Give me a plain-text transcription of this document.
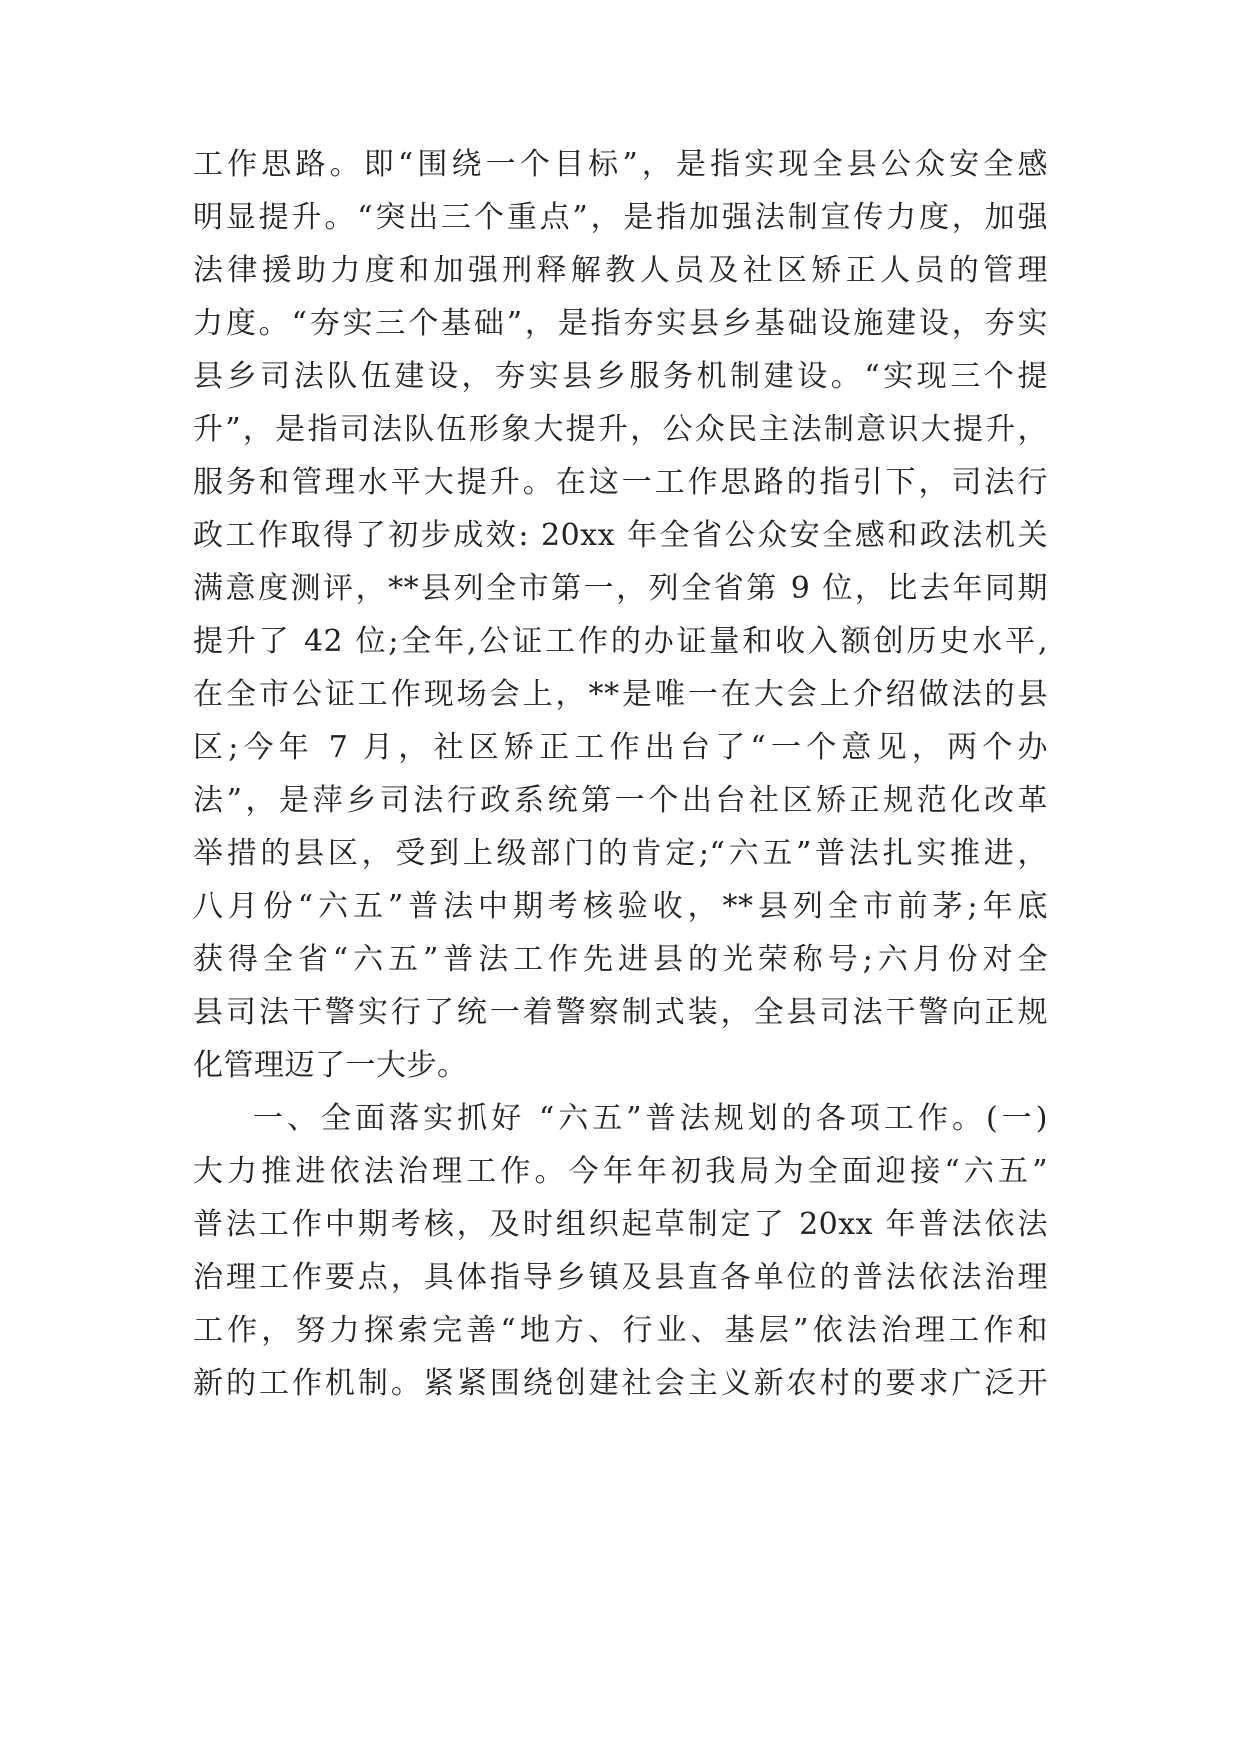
工作思路。即“围绕一个目标”，是指实现全县公众安全感
明显提升。“突出三个重点”，是指加强法制宣传力度，加强
法律援助力度和加强刑释解教人员及社区矫正人员的管理
力度。“夯实三个基础”，是指夯实县乡基础设施建设，夯实
县乡司法队伍建设，夯实县乡服务机制建设。“实现三个提
升”，是指司法队伍形象大提升，公众民主法制意识大提升，
服务和管理水平大提升。在这一工作思路的指引下，司法行
政工作取得了初步成效: 20xx 年全省公众安全感和政法机关
满意度测评，**县列全市第一，列全省第 9 位，比去年同期
提升了 42 位;全年,公证工作的办证量和收入额创历史水平,
在全市公证工作现场会上，**是唯一在大会上介绍做法的县
区;今年 7 月，社区矫正工作出台了“一个意见，两个办
法”，是萍乡司法行政系统第一个出台社区矫正规范化改革
举措的县区，受到上级部门的肯定;“六五”普法扎实推进，
八月份“六五”普法中期考核验收，**县列全市前茅;年底
获得全省“六五”普法工作先进县的光荣称号;六月份对全
县司法干警实行了统一着警察制式装，全县司法干警向正规
化管理迈了一大步。
一、全面落实抓好 “六五”普法规划的各项工作。(一)
大力推进依法治理工作。今年年初我局为全面迎接“六五”
普法工作中期考核，及时组织起草制定了 20xx 年普法依法
治理工作要点，具体指导乡镇及县直各单位的普法依法治理
工作，努力探索完善“地方、行业、基层”依法治理工作和
新的工作机制。紧紧围绕创建社会主义新农村的要求广泛开
